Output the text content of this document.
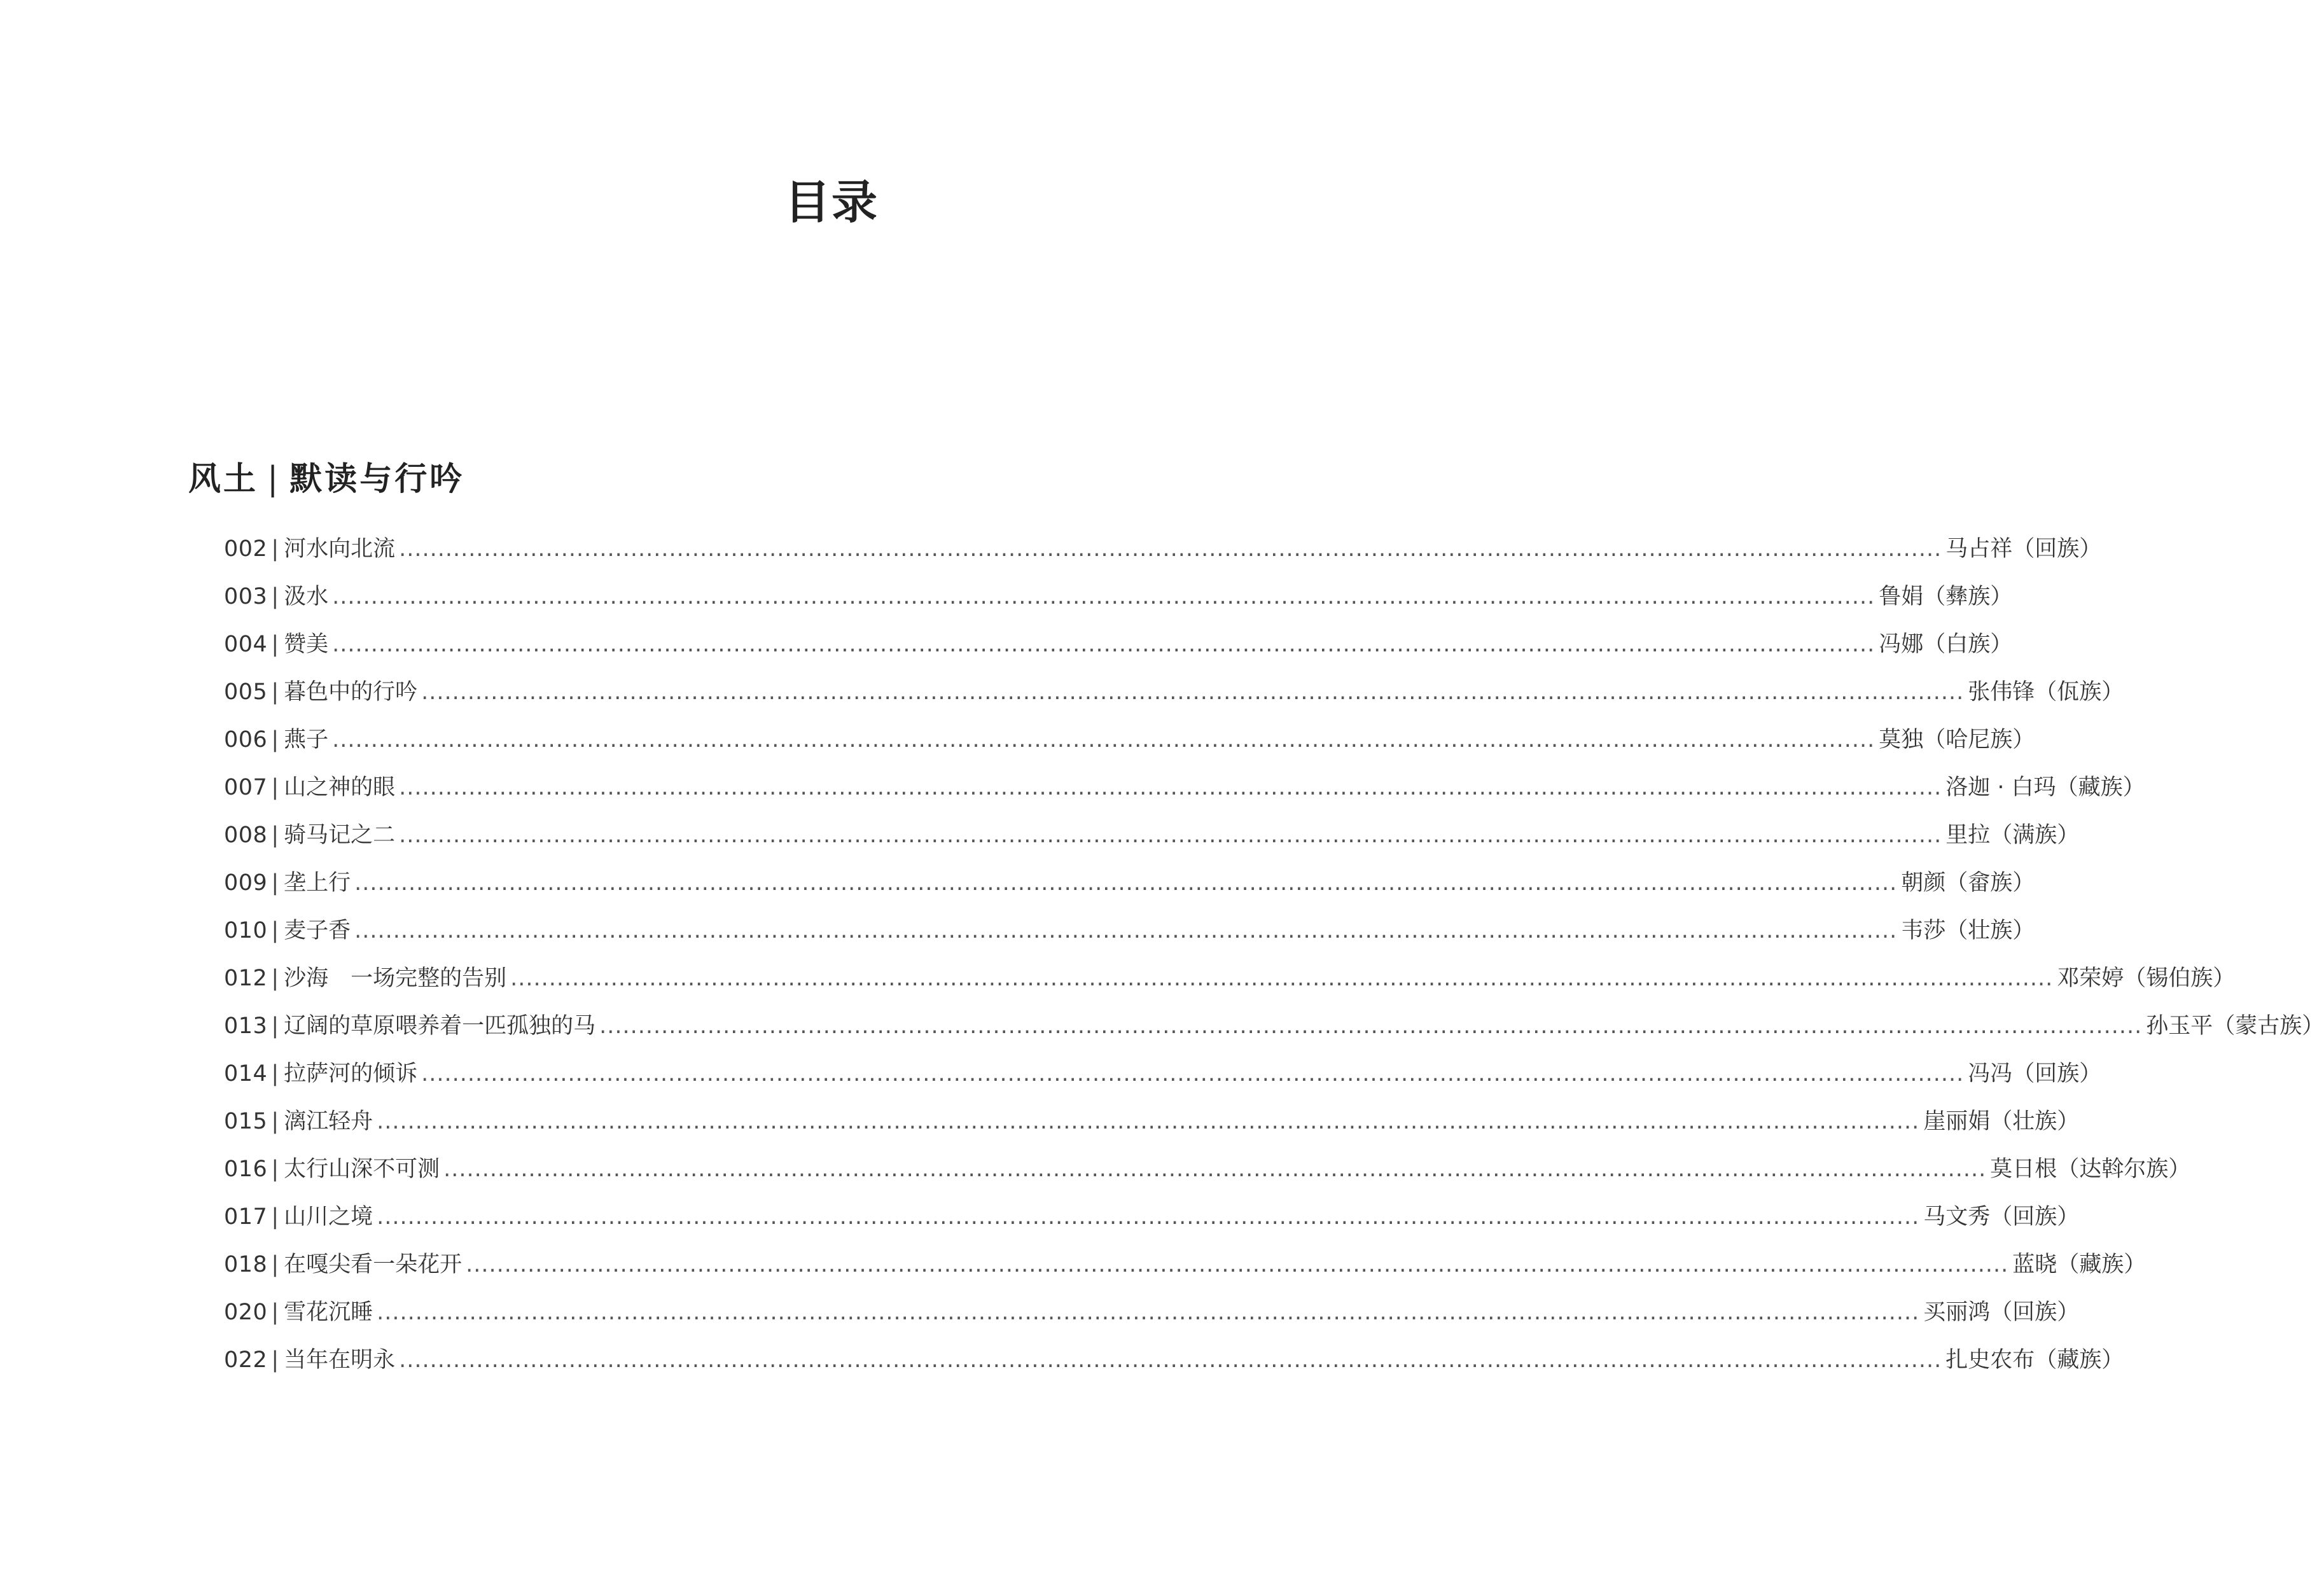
目录
风土 | 默读与行吟
002 | 河水向北流 ........................................................................................................................................................................................................ 马占祥（回族）
003 | 汲水 ........................................................................................................................................................................................................ 鲁娟（彝族）
004 | 赞美 ........................................................................................................................................................................................................ 冯娜（白族）
005 | 暮色中的行吟 ........................................................................................................................................................................................................ 张伟锋（佤族）
006 | 燕子 ........................................................................................................................................................................................................ 莫独（哈尼族）
007 | 山之神的眼 ........................................................................................................................................................................................................ 洛迦 · 白玛（藏族）
008 | 骑马记之二 ........................................................................................................................................................................................................ 里拉（满族）
009 | 垄上行 ........................................................................................................................................................................................................ 朝颜（畲族）
010 | 麦子香 ........................................................................................................................................................................................................ 韦莎（壮族）
012 | 沙海　一场完整的告别 ........................................................................................................................................................................................................ 邓荣婷（锡伯族）
013 | 辽阔的草原喂养着一匹孤独的马 ........................................................................................................................................................................................................ 孙玉平（蒙古族）
014 | 拉萨河的倾诉 ........................................................................................................................................................................................................ 冯冯（回族）
015 | 漓江轻舟 ........................................................................................................................................................................................................ 崖丽娟（壮族）
016 | 太行山深不可测 ........................................................................................................................................................................................................ 莫日根（达斡尔族）
017 | 山川之境 ........................................................................................................................................................................................................ 马文秀（回族）
018 | 在嘎尖看一朵花开 ........................................................................................................................................................................................................ 蓝晓（藏族）
020 | 雪花沉睡 ........................................................................................................................................................................................................ 买丽鸿（回族）
022 | 当年在明永 ........................................................................................................................................................................................................ 扎史农布（藏族）
